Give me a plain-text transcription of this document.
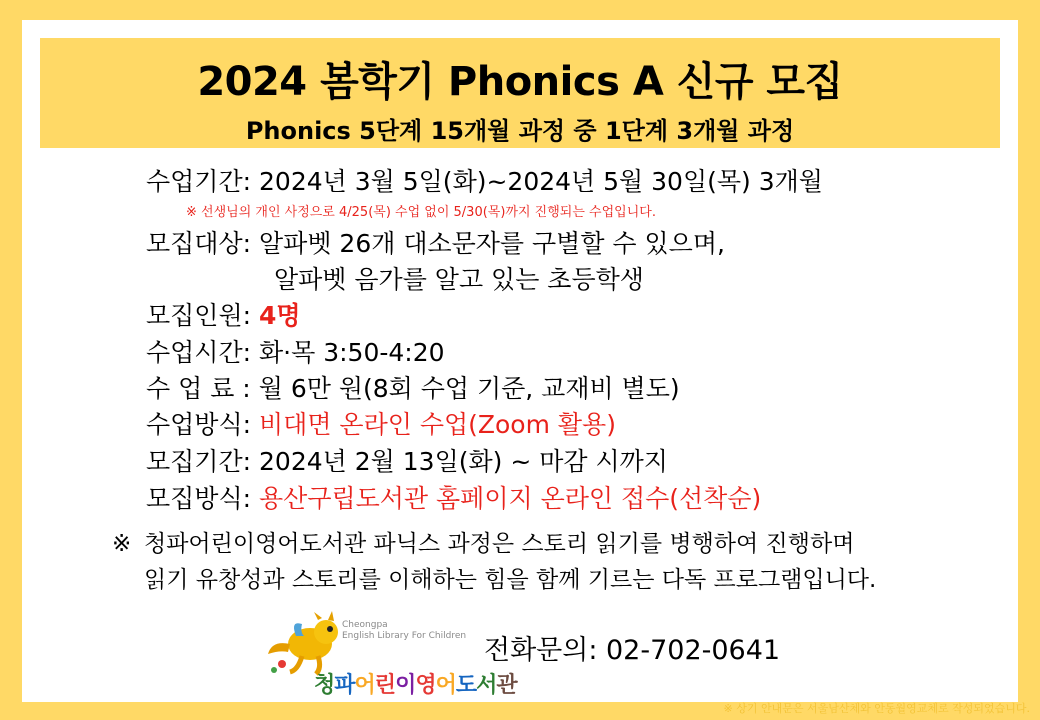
2024 봄학기 Phonics A 신규 모집
Phonics 5단계 15개월 과정 중 1단계 3개월 과정
수업기간: 2024년 3월 5일(화)~2024년 5월 30일(목) 3개월
※ 선생님의 개인 사정으로 4/25(목) 수업 없이 5/30(목)까지 진행되는 수업입니다.
모집대상: 알파벳 26개 대소문자를 구별할 수 있으며,
알파벳 음가를 알고 있는 초등학생
모집인원: 4명
수업시간: 화·목 3:50-4:20
수 업 료 : 월 6만 원(8회 수업 기준, 교재비 별도)
수업방식: 비대면 온라인 수업(Zoom 활용)
모집기간: 2024년 2월 13일(화) ~ 마감 시까지
모집방식: 용산구립도서관 홈페이지 온라인 접수(선착순)
※ 청파어린이영어도서관 파닉스 과정은 스토리 읽기를 병행하여 진행하며
읽기 유창성과 스토리를 이해하는 힘을 함께 기르는 다독 프로그램입니다.
Cheongpa
English Library For Children
청파어린이영어도서관
전화문의: 02-702-0641
※ 상기 안내문은 서울남산체와 안동월영교체로 작성되었습니다.
